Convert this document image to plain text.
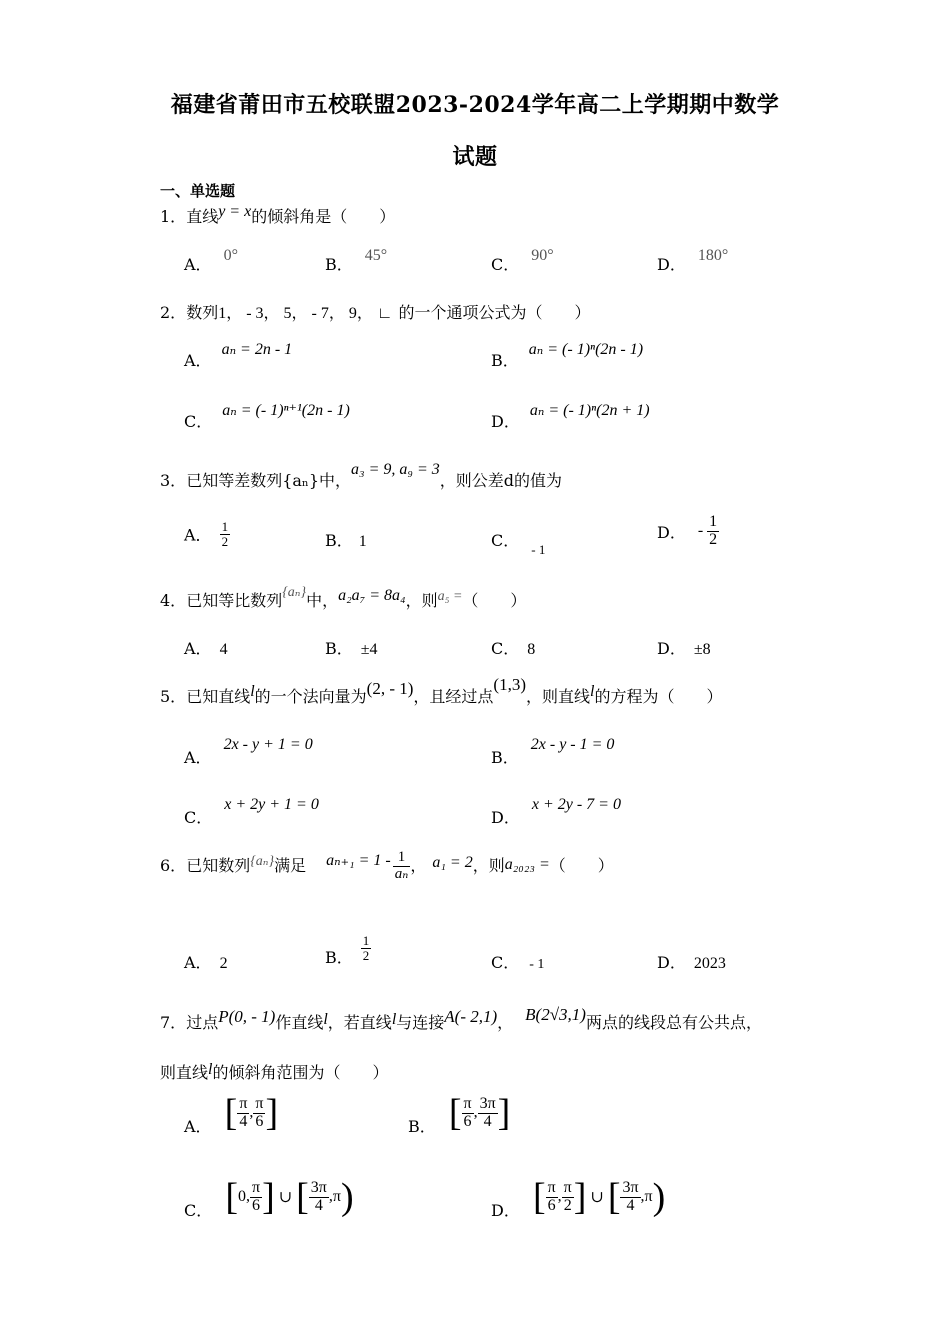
福建省莆田市五校联盟2023-2024学年高二上学期期中数学
试题
一、单选题
1．直线y = x的倾斜角是（　　）
A． 0°	B． 45°	C． 90°	D． 180°
2．数列1， - 3， 5， - 7， 9， ∟ 的一个通项公式为（　　）
A．aₙ = 2n - 1
B．aₙ = (- 1)ⁿ(2n - 1)
C．aₙ = (- 1)ⁿ⁺¹(2n - 1)
D．aₙ = (- 1)ⁿ(2n + 1)
3．已知等差数列{aₙ}中，a₃ = 9, a₉ = 3，则公差d的值为
A． $\frac{1}{2}$	B． 1	C． $_{- 1}$
D． - $\frac{1}{2}$
4．已知等比数列{aₙ}中，a₂a₇ = 8a₄，则a₅ =（　　）
A． 4	B． ±4	C． 8	D． ±8
5．已知直线l的一个法向量为(2, - 1)，且经过点(1,3)，则直线l的方程为（　　）
A．2x - y + 1 = 0
B．2x - y - 1 = 0
C．x + 2y + 1 = 0
D．x + 2y - 7 = 0
6．已知数列{aₙ}满足 $a_{n+1} = 1 - \frac{1}{\text{aₙ}}$ ， a₁ = 2，则a₂₀₂₃ =（　　）
A． 2	B． $\frac{1}{2}$
C． - 1	D． 2023
7．过点P(0, - 1)作直线l，若直线l与连接A(- 2,1)， B(2√3,1)两点的线段总有公共点，
则直线l的倾斜角范围为（　　）
A． [ $\frac{\pi}{4}$ , $\frac{\pi}{6}$ ]	B． [ $\frac{\pi}{6}$ , $\frac{3\pi}{4}$ ]
C． [0, $\frac{\pi}{6}$ ] ∪ [ $\frac{3\pi}{4} ,\pi$)	D． [ $\frac{\pi}{6}$ , $\frac{\pi}{2}$ ] ∪ [ $\frac{3\pi}{4} ,\pi$)
